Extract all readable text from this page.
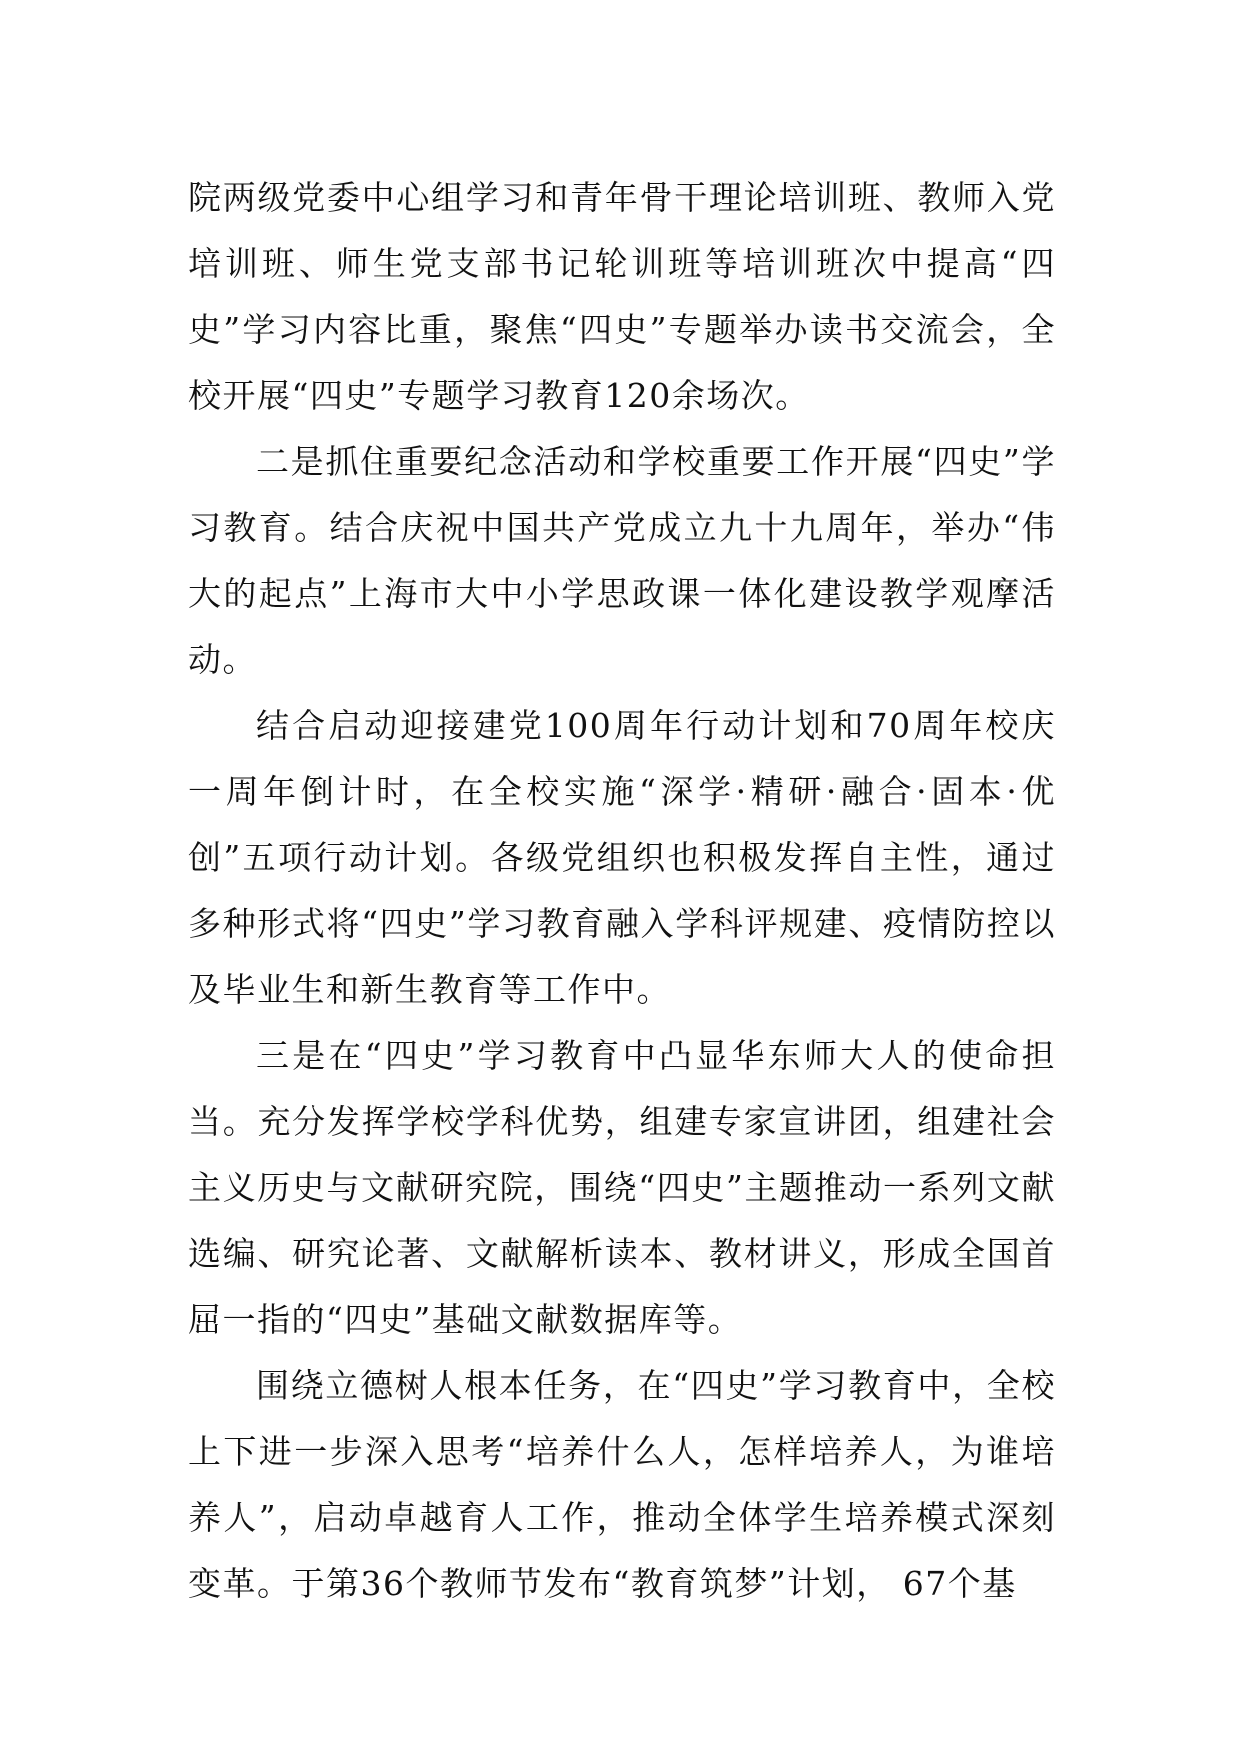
院两级党委中心组学习和青年骨干理论培训班、教师入党培训班、师生党支部书记轮训班等培训班次中提高“四史”学习内容比重，聚焦“四史”专题举办读书交流会，全校开展“四史”专题学习教育120余场次。

二是抓住重要纪念活动和学校重要工作开展“四史”学习教育。结合庆祝中国共产党成立九十九周年，举办“伟大的起点”上海市大中小学思政课一体化建设教学观摩活动。

结合启动迎接建党100周年行动计划和70周年校庆一周年倒计时，在全校实施“深学·精研·融合·固本·优创”五项行动计划。各级党组织也积极发挥自主性，通过多种形式将“四史”学习教育融入学科评规建、疫情防控以及毕业生和新生教育等工作中。

三是在“四史”学习教育中凸显华东师大人的使命担当。充分发挥学校学科优势，组建专家宣讲团，组建社会主义历史与文献研究院，围绕“四史”主题推动一系列文献选编、研究论著、文献解析读本、教材讲义，形成全国首屈一指的“四史”基础文献数据库等。

围绕立德树人根本任务，在“四史”学习教育中，全校上下进一步深入思考“培养什么人，怎样培养人，为谁培养人”，启动卓越育人工作，推动全体学生培养模式深刻变革。于第36个教师节发布“教育筑梦”计划， 67个基
